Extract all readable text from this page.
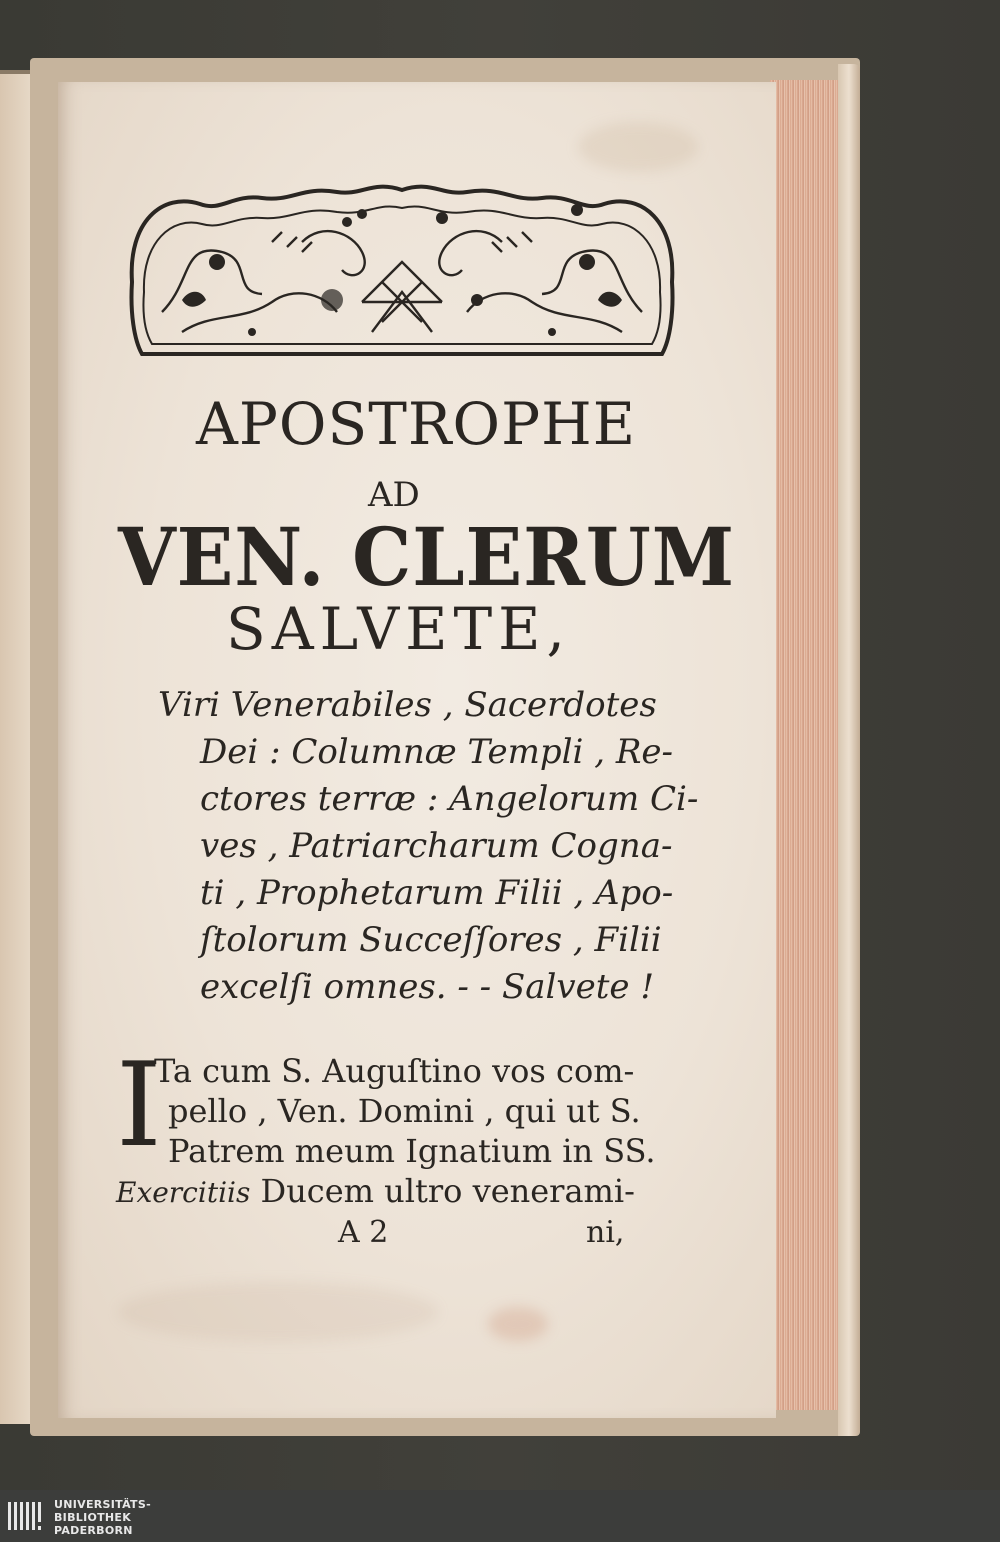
APOSTROPHE
AD
VEN. CLERUM
SALVETE,
Viri Venerabiles , Sacerdotes
Dei : Columnæ Templi , Re-
ctores terræ : Angelorum Ci-
ves , Patriarcharum Cogna-
ti , Prophetarum Filii , Apo-
ſtolorum Succeſſores , Filii
excelſi omnes. - - Salvete !
I
Ta cum S. Auguſtino vos com-
pello , Ven. Domini , qui ut S.
Patrem meum Ignatium in SS.
Exercitiis Ducem ultro venerami-
A 2	ni,
UNIVERSITÄTS-
BIBLIOTHEK
PADERBORN
